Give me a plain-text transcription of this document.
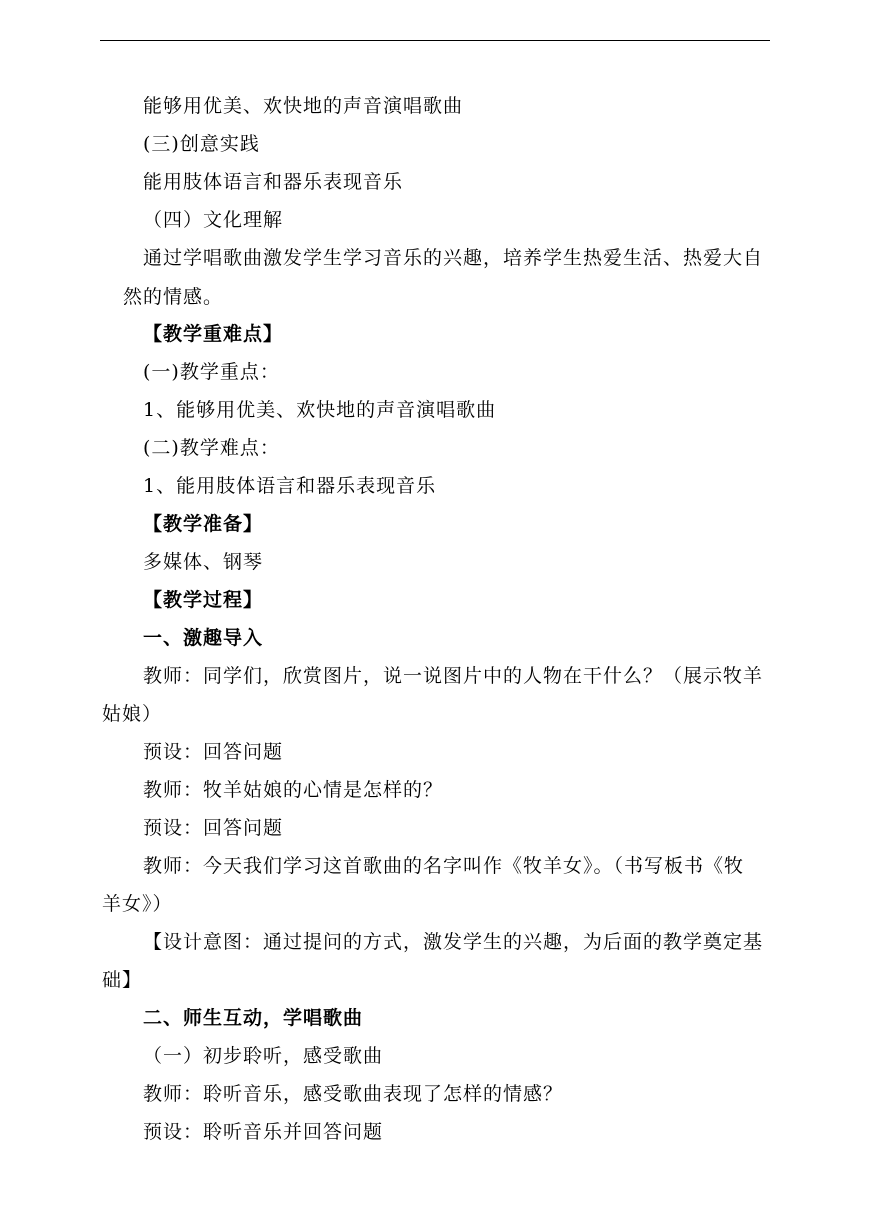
能够用优美、欢快地的声音演唱歌曲
(三)创意实践
能用肢体语言和器乐表现音乐
（四）文化理解
通过学唱歌曲激发学生学习音乐的兴趣，培养学生热爱生活、热爱大自
然的情感。
【教学重难点】
(一)教学重点：
1、能够用优美、欢快地的声音演唱歌曲
(二)教学难点：
1、能用肢体语言和器乐表现音乐
【教学准备】
多媒体、钢琴
【教学过程】
一、激趣导入
教师：同学们，欣赏图片，说一说图片中的人物在干什么？（展示牧羊
姑娘）
预设：回答问题
教师：牧羊姑娘的心情是怎样的？
预设：回答问题
教师：今天我们学习这首歌曲的名字叫作《牧羊女》。（书写板书《牧
羊女》）
【设计意图：通过提问的方式，激发学生的兴趣，为后面的教学奠定基
础】
二、师生互动，学唱歌曲
（一）初步聆听，感受歌曲
教师：聆听音乐，感受歌曲表现了怎样的情感？
预设：聆听音乐并回答问题
